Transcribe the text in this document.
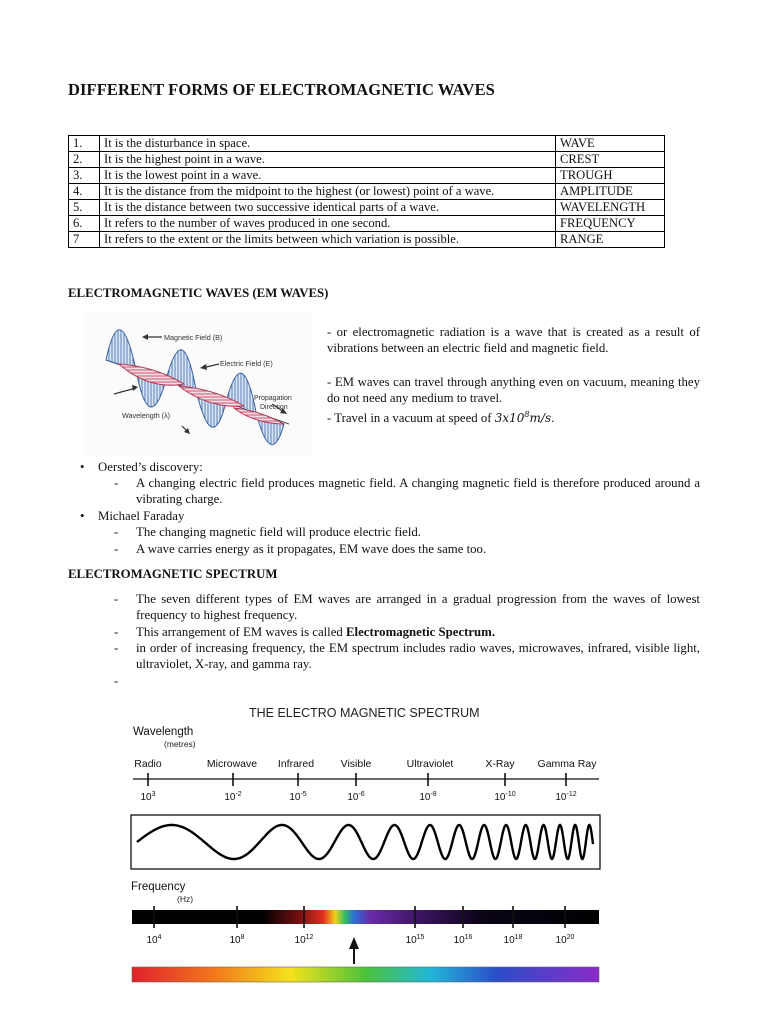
DIFFERENT FORMS OF ELECTROMAGNETIC WAVES
1.	It is the disturbance in space.	WAVE
2.	It is the highest point in a wave.	CREST
3.	It is the lowest point in a wave.	TROUGH
4.	It is the distance from the midpoint to the highest (or lowest) point of a wave.	AMPLITUDE
5.	It is the distance between two successive identical parts of a wave.	WAVELENGTH
6.	It refers to the number of waves produced in one second.	FREQUENCY
7	It refers to the extent or the limits between which variation is possible.	RANGE
ELECTROMAGNETIC WAVES (EM WAVES)
Magnetic Field (B)
Electric Field (E)
Propagation
Direction
Wavelength (λ)
- or electromagnetic radiation is a wave that is created as a result of vibrations between an electric field and magnetic field.
- EM waves can travel through anything even on vacuum, meaning they do not need any medium to travel.
- Travel in a vacuum at speed of $3x10^8m/s$.
• Oersted’s discovery:
- A changing electric field produces magnetic field. A changing magnetic field is therefore produced around a vibrating charge.
• Michael Faraday
- The changing magnetic field will produce electric field.
- A wave carries energy as it propagates, EM wave does the same too.
ELECTROMAGNETIC SPECTRUM
- The seven different types of EM waves are arranged in a gradual progression from the waves of lowest frequency to highest frequency.
- This arrangement of EM waves is called Electromagnetic Spectrum.
- in order of increasing frequency, the EM spectrum includes radio waves, microwaves, infrared, visible light, ultraviolet, X-ray, and gamma ray.
-
THE ELECTRO MAGNETIC SPECTRUM
Wavelength
(metres)
Radio	Microwave Infrared	Visible	Ultraviolet	X-Ray Gamma Ray
$10^3$	$10^{-2}$	$10^{-5}$	$10^{-6}$	$10^{-8}$	$10^{-10}$	$10^{-12}$
Frequency
(Hz)
$10^4$	$10^8$	$10^{12}$	$10^{15}$	$10^{16}$	$10^{18}$	$10^{20}$
